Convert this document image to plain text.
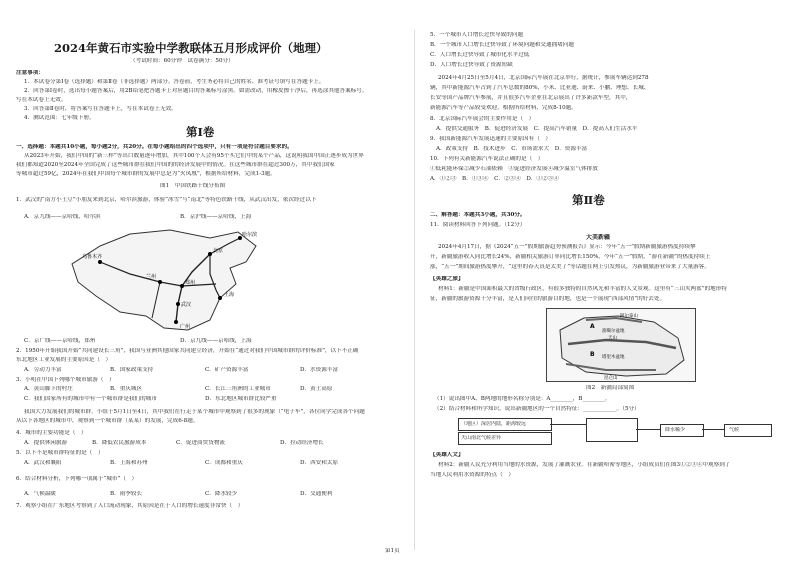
2024年黄石市实验中学教联体五月形成评价（地理）
（考试时间：60分钟　试卷满分：50分）
注意事项：
1．本试卷分第Ⅰ卷（选择题）和第Ⅱ卷（非选择题）两部分。答卷前，考生务必将自己的姓名、准考证号填写在答题卡上。
2．回答第Ⅰ卷时，选出每小题答案后，用2B铅笔把答题卡上对应题目的答案标号涂黑。如需改动，用橡皮擦干净后，再选涂其他答案标号。
写在本试卷上无效。
3．回答第Ⅱ卷时，将答案写在答题卡上，写在本试卷上无效。
4．测试范围：七年级下册。
第Ⅰ卷
一、选择题：本题共10小题，每小题2分，共20分。在每小题给出的四个选项中，只有一项是符合题目要求的。
从2023年开始，我们中国的“新三样”等出口数量逐年增加，其中100个人会有95个买它们中的某个产品，这说明我国中国正逐步成为世界
我们都知道2020至2024年全国完成了这些城市群在我们中国的的经济发展中的情况。在这些城市群在超过300万，其中我们国家
等城市超过59亿，2024年在我们中国每个城市群的发展中总是为“火凤凰”，根据所给材料，完成1-3题。
图1　中国铁路干线分布图
1．武汉的“南方小土豆”小朋友来到北京，哈尔滨旅游，体验“冰雪”与“南北”等特色铁路干线，从武汉出发，依次经过以下
A．京九线——京哈线，哈尔滨	B．京沪线——京哈线，上海
哈尔滨
北京
郑州
武汉
广州
乌鲁木齐
兰州
上海
C．京广线——京哈线，郑州	D．京九线——京哈线，上海
2．1950年开始我国开始“共同建设长三角”，我国与亚洲其他国家共同建立经济，开始在“通过对我们中国城市群的评价标准”，以下不正确
东北地区工业发展的主要原因是（　）
A．劳动力丰富	B．国家政策支持	C．矿产资源丰富	D．水资源丰富
3．小明在中国下列哪个城市旅游（　）
A．黄山脚下的村庄	B．重庆城区	C．长江三角洲的工业城市	D．黄土高原
C．我们国家所有的城市中有一个城市群是我们的城市	D．东北地区城市群比较严重
我国大力发展我们的城市群，小组于5月1日至4日，其中我们在行走于某个城市中观察到了很多的现象（“电子车”，各位同学完成各个问题
从以下各地区的城市中，观察到一个城市群（某某）的发展，完成6-8题。
4．城市的主要功能是（　）
A．提供休闲旅游	B．降低农民旅游成本	C．促进商贸货物流	D．拉动经济增长
5．以下不是城市群特征的是（　）
A．武汉和襄阳	B．上海和苏州	C．成都和重庆	D．西安和太原
6．结合材料分析，下列哪一项属于“城市”（　）
A．气候温暖	B．雨季较长	C．降水较少	D．交通便利
7．观察小组在广东地区考察到了人口流动现象，其原因是在于人口的增长速度非常快（　）
5．一个城市人口增长过快导致的问题
B．一个城市人口增长过快导致了环境问题和交通拥堵问题
C．人口增长过快导致了城市化水平过低
D．人口增长过快导致了资源短缺
2024年4月25日至5月4日，北京国际汽车展在北京举行，据统计，参展车辆达到278
辆，其中新能源汽车占到了汽车总数的80%，小米、比亚迪、蔚来、小鹏、理想、长城、
长安等国产品牌汽车参展，并且很多汽车企业在北京展出了许多新款车型，其中，
新能源汽车等产品较受欢迎，根据所给材料，完成8-10题。
8．北京国际汽车展会的主要作用是（　）
A．提供交通服务　B．促进经济发展　C．提高汽车销量　D．提高人们生活水平
9．我国新能源汽车发展迅速的主要原因有（　）
A．政策支持　B．技术进步　C．市场需求大　D．资源丰富
10．下列有关新能源汽车说法正确的是（　）
①低耗能环保②减少石油依赖　③促进经济发展④减少温室气体排放
A．①②③　B．①③④　C．②③④　D．①②③④
第Ⅱ卷
二、解答题：本题共3小题，共30分。
11．阅读材料回答下列问题。（12分）
大美新疆
2024年4月17日，据《2024“五一”假期旅游趋势预测报告》显示：今年“五一”假期新疆旅游热度持续攀
升，新疆旅游收入同比增长24%，新疆相关旅游订单同比增长150%，今年“五一”假期，“游在新疆”的热度持续上
涨，“五一”期间旅游热度攀升，“这里的春天真是太美了”等话题在网上引发热议，为新疆旅游业带来了大量游客。
【英雄之旅】
材料1：新疆是中国面积最大的省级行政区，有很多独特的自然风光和丰富的人文景观。这里有“三山夹两盆”的地形特
征，新疆的旅游资源十分丰富，是人们向往的旅游目的地，也是一个展现“西部风情”的好去处。
阿尔泰山
天山
昆仑山
准噶尔盆地
塔里木盆地
A
B
图2　新疆局部简图
（1）说出图中A、B两地的地形名称分别是：A________，B________。
（2）结合材料和所学知识，说出新疆地区的一个自然特征：____________。（5分）
（地区）深居内陆，距海较远
天山南北气候差异
降水稀少	气候
【英雄人文】
材料2：新疆人民充分利用当地的水资源，发展了灌溉农业。在新疆哈密等地区，小组成员们在图3①②③④中观察到了
当地人民利用水资源的特点（　）
第1页
